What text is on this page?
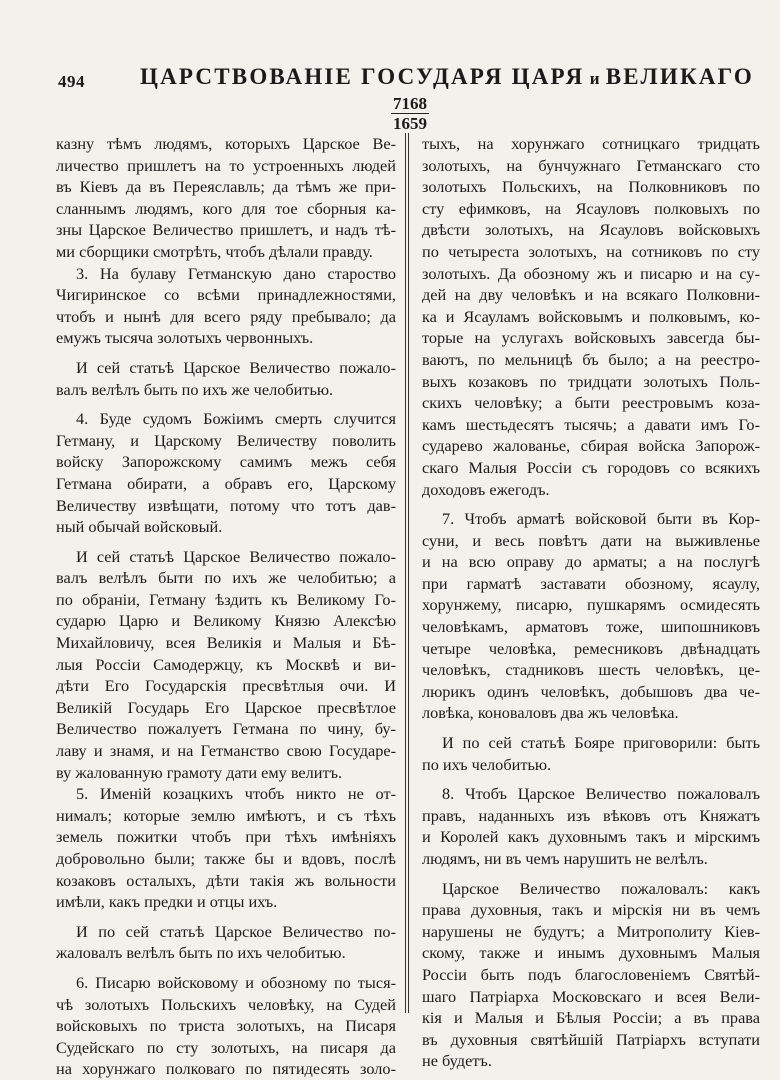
494 ЦАРСТВОВАНІЕ ГОСУДАРЯ ЦАРЯ и ВЕЛИКАГО
7168
1659
казну тѣмъ людямъ, которыхъ Царское Ве-
личество пришлетъ на то устроенныхъ людей
въ Кіевъ да въ Переяславль; да тѣмъ же при-
сланнымъ людямъ, кого для тое сборныя ка-
зны Царское Величество пришлетъ, и надъ тѣ-
ми сборщики смотрѣть, чтобъ дѣлали правду.
3. На булаву Гетманскую дано староство
Чигиринское со всѣми принадлежностями,
чтобъ и нынѣ для всего ряду пребывало; да
емужъ тысяча золотыхъ червонныхъ.
И сей статьѣ Царское Величество пожало-
валъ велѣлъ быть по ихъ же челобитью.
4. Буде судомъ Божіимъ смерть случится
Гетману, и Царскому Величеству поволить
войску Запорожскому самимъ межъ себя
Гетмана обирати, а обравъ его, Царскому
Величеству извѣщати, потому что тотъ дав-
ный обычай войсковый.
И сей статьѣ Царское Величество пожало-
валъ велѣлъ быти по ихъ же челобитью; а
по обраніи, Гетману ѣздить къ Великому Го-
сударю Царю и Великому Князю Алексѣю
Михайловичу, всея Великія и Малыя и Бѣ-
лыя Россіи Самодержцу, къ Москвѣ и ви-
дѣти Его Государскія пресвѣтлыя очи. И
Великій Государь Его Царское пресвѣтлое
Величество пожалуетъ Гетмана по чину, бу-
лаву и знамя, и на Гетманство свою Государе-
ву жалованную грамоту дати ему велитъ.
5. Именій козацкихъ чтобъ никто не от-
нималъ; которые землю имѣютъ, и съ тѣхъ
земель пожитки чтобъ при тѣхъ имѣніяхъ
добровольно были; также бы и вдовъ, послѣ
козаковъ осталыхъ, дѣти такія жъ вольности
имѣли, какъ предки и отцы ихъ.
И по сей статьѣ Царское Величество по-
жаловалъ велѣлъ быть по ихъ челобитью.
6. Писарю войсковому и обозному по тыся-
чѣ золотыхъ Польскихъ человѣку, на Судей
войсковыхъ по триста золотыхъ, на Писаря
Судейскаго по сту золотыхъ, на писаря да
на хорунжаго полковаго по пятидесять золо-
тыхъ, на хорунжаго сотницкаго тридцать
золотыхъ, на бунчужнаго Гетманскаго сто
золотыхъ Польскихъ, на Полковниковъ по
сту ефимковъ, на Ясауловъ полковыхъ по
двѣсти золотыхъ, на Ясауловъ войсковыхъ
по четыреста золотыхъ, на сотниковъ по сту
золотыхъ. Да обозному жъ и писарю и на су-
дей на дву человѣкъ и на всякаго Полковни-
ка и Ясауламъ войсковымъ и полковымъ, ко-
торые на услугахъ войсковыхъ завсегда бы-
ваютъ, по мельницѣ бъ было; а на реестро-
выхъ козаковъ по тридцати золотыхъ Поль-
скихъ человѣку; а быти реестровымъ коза-
камъ шестьдесятъ тысячь; а давати имъ Го-
сударево жалованье, сбирая войска Запорож-
скаго Малыя Россіи съ городовъ со всякихъ
доходовъ ежегодъ.
7. Чтобъ арматѣ войсковой быти въ Кор-
суни, и весь повѣтъ дати на выживленье
и на всю оправу до арматы; а на послугѣ
при гарматѣ заставати обозному, ясаулу,
хорунжему, писарю, пушкарямъ осмидесять
человѣкамъ, арматовъ тоже, шипошниковъ
четыре человѣка, ремесниковъ двѣнадцать
человѣкъ, стадниковъ шесть человѣкъ, це-
люрикъ одинъ человѣкъ, добышовъ два че-
ловѣка, коноваловъ два жъ человѣка.
И по сей статьѣ Бояре приговорили: быть
по ихъ челобитью.
8. Чтобъ Царское Величество пожаловалъ
правъ, наданныхъ изъ вѣковъ отъ Княжатъ
и Королей какъ духовнымъ такъ и мірскимъ
людямъ, ни въ чемъ нарушить не велѣлъ.
Царское Величество пожаловалъ: какъ
права духовныя, такъ и мірскія ни въ чемъ
нарушены не будутъ; а Митрополиту Кіев-
скому, также и инымъ духовнымъ Малыя
Россіи быть подъ благословеніемъ Святѣй-
шаго Патріарха Московскаго и всея Вели-
кія и Малыя и Бѣлыя Россіи; а въ права
въ духовныя святѣйшій Патріархъ вступати
не будетъ.
